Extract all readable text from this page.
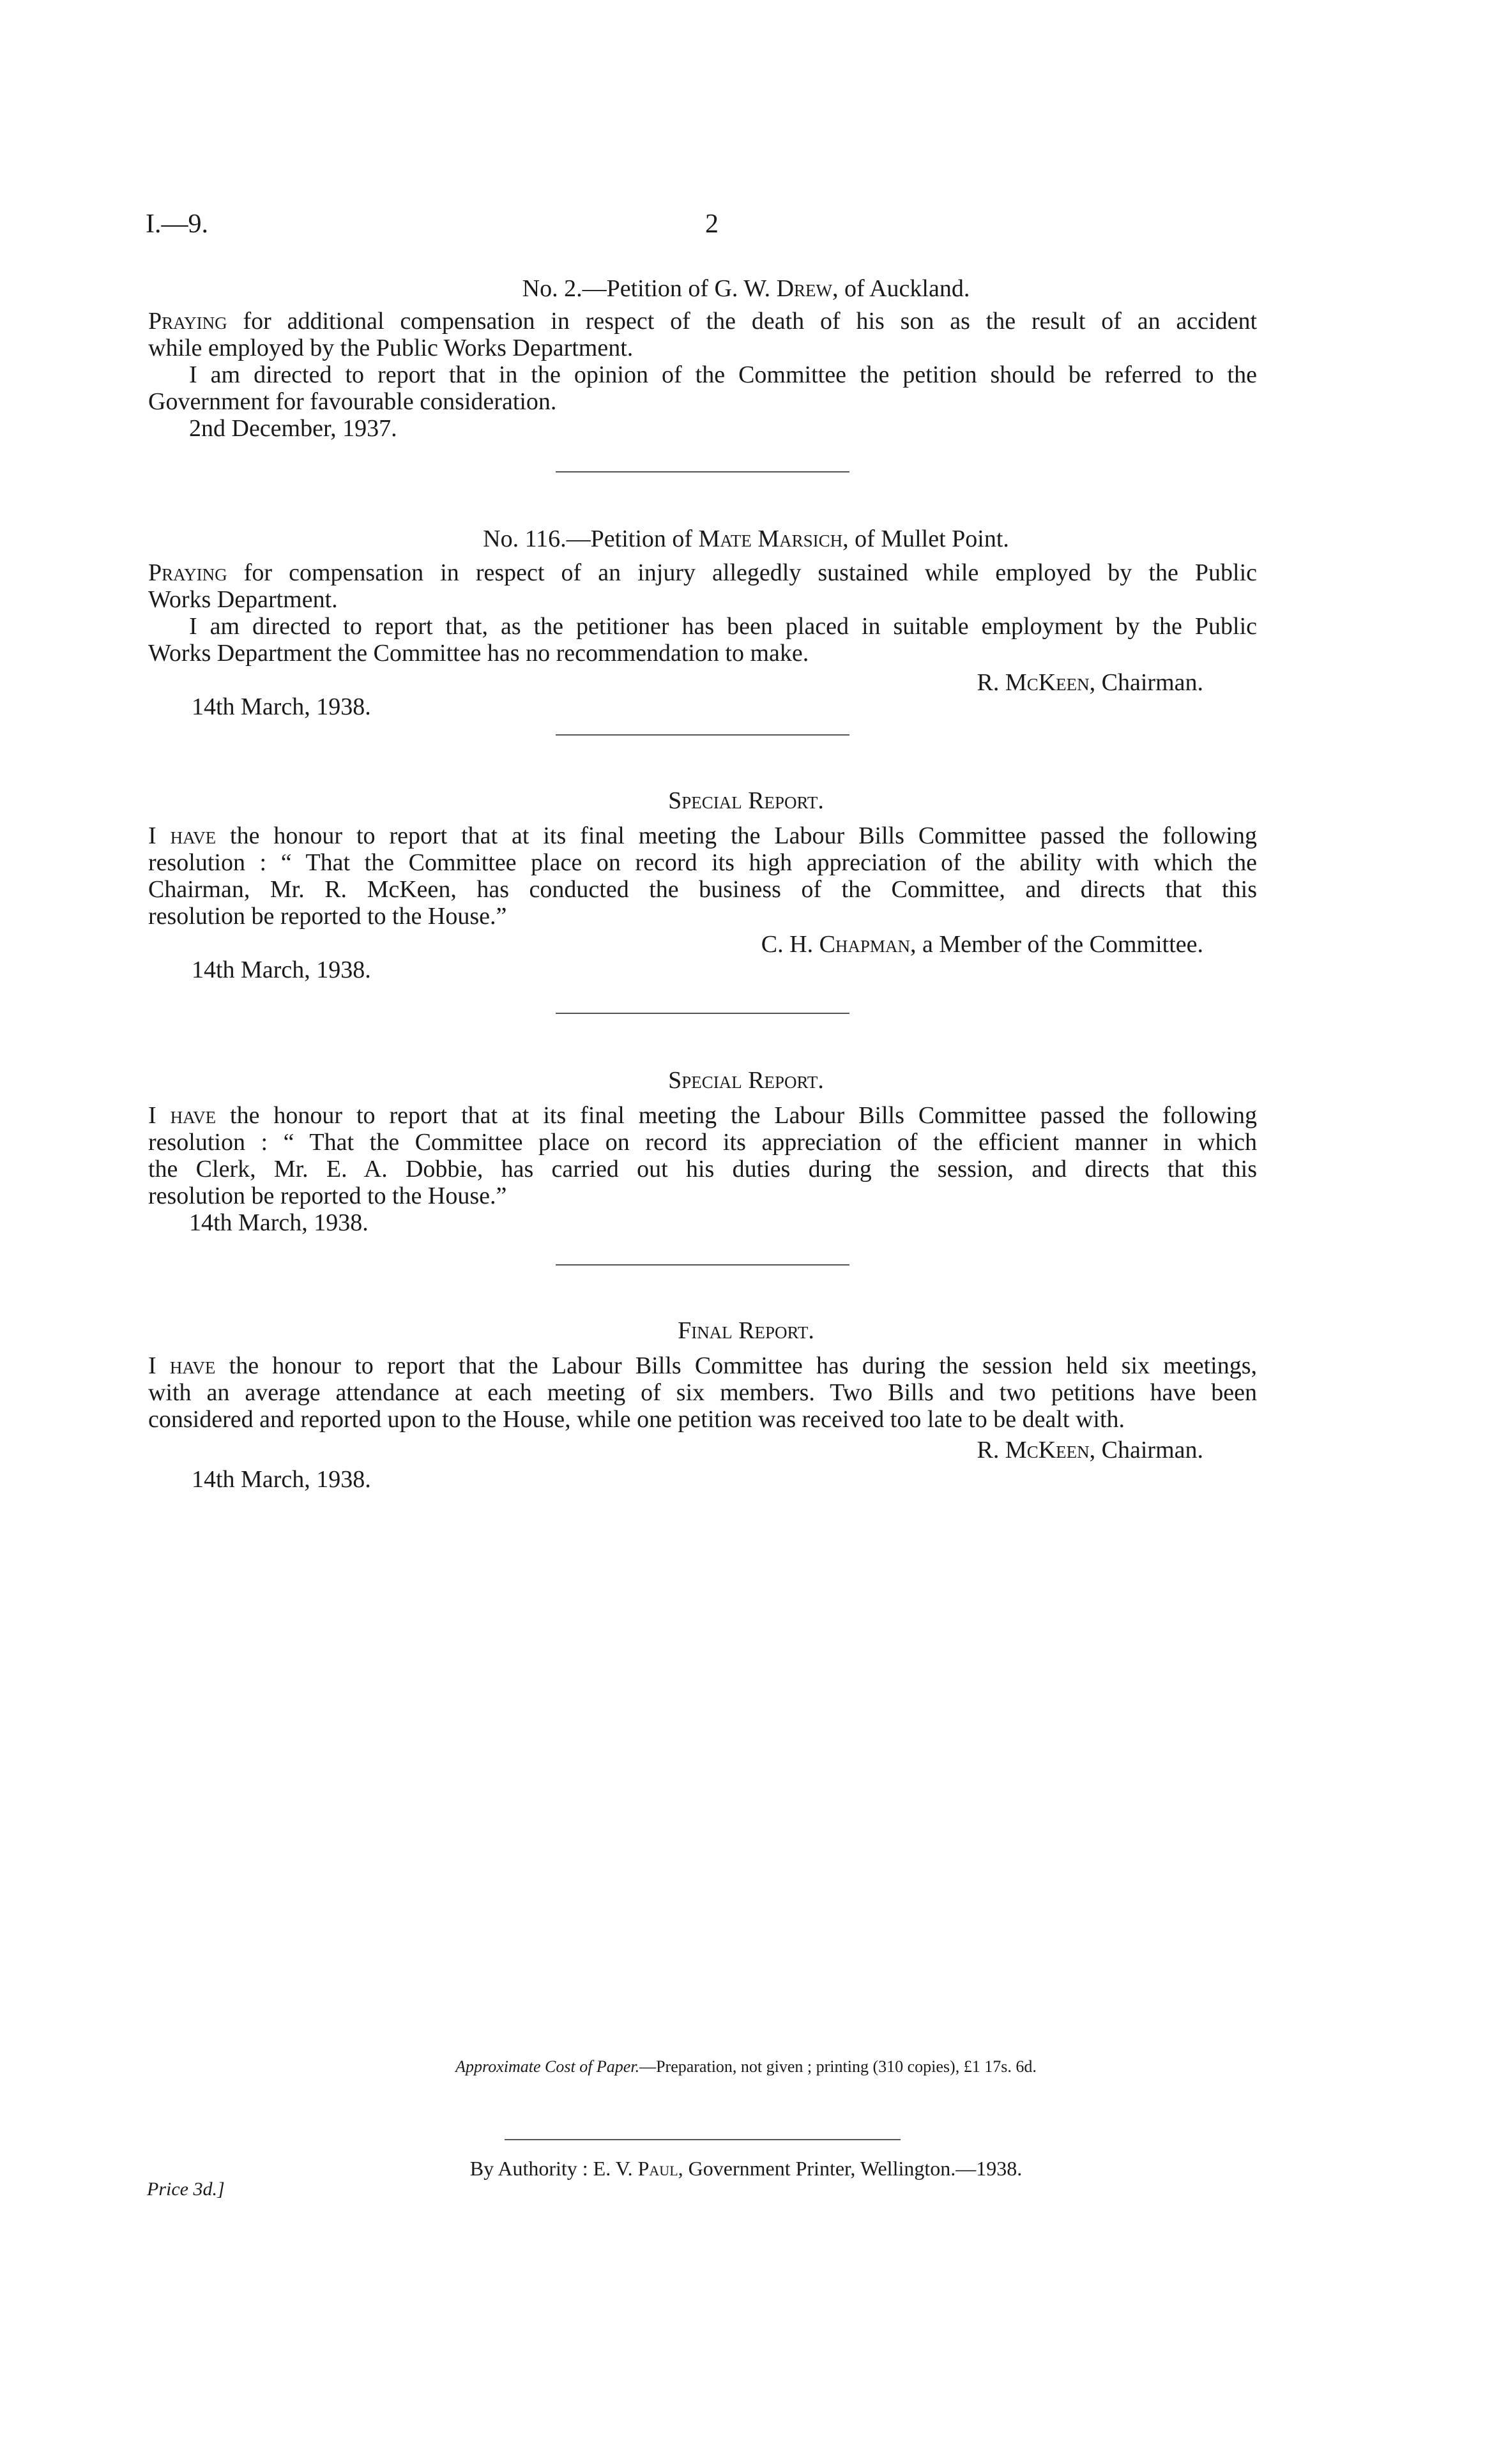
I.—9.	2
No. 2.—Petition of G. W. Drew, of Auckland.
Praying for additional compensation in respect of the death of his son as the result of an accident
while employed by the Public Works Department.
I am directed to report that in the opinion of the Committee the petition should be referred to the
Government for favourable consideration.
2nd December, 1937.
No. 116.—Petition of Mate Marsich, of Mullet Point.
Praying for compensation in respect of an injury allegedly sustained while employed by the Public
Works Department.
I am directed to report that, as the petitioner has been placed in suitable employment by the Public
Works Department the Committee has no recommendation to make.
R. McKeen, Chairman.
14th March, 1938.
Special Report.
I have the honour to report that at its final meeting the Labour Bills Committee passed the following
resolution : “ That the Committee place on record its high appreciation of the ability with which the
Chairman, Mr. R. McKeen, has conducted the business of the Committee, and directs that this
resolution be reported to the House.”
C. H. Chapman, a Member of the Committee.
14th March, 1938.
Special Report.
I have the honour to report that at its final meeting the Labour Bills Committee passed the following
resolution : “ That the Committee place on record its appreciation of the efficient manner in which
the Clerk, Mr. E. A. Dobbie, has carried out his duties during the session, and directs that this
resolution be reported to the House.”
14th March, 1938.
Final Report.
I have the honour to report that the Labour Bills Committee has during the session held six meetings,
with an average attendance at each meeting of six members. Two Bills and two petitions have been
considered and reported upon to the House, while one petition was received too late to be dealt with.
R. McKeen, Chairman.
14th March, 1938.
Approximate Cost of Paper.—Preparation, not given ; printing (310 copies), £1 17s. 6d.
By Authority : E. V. Paul, Government Printer, Wellington.—1938.
Price 3d.]
